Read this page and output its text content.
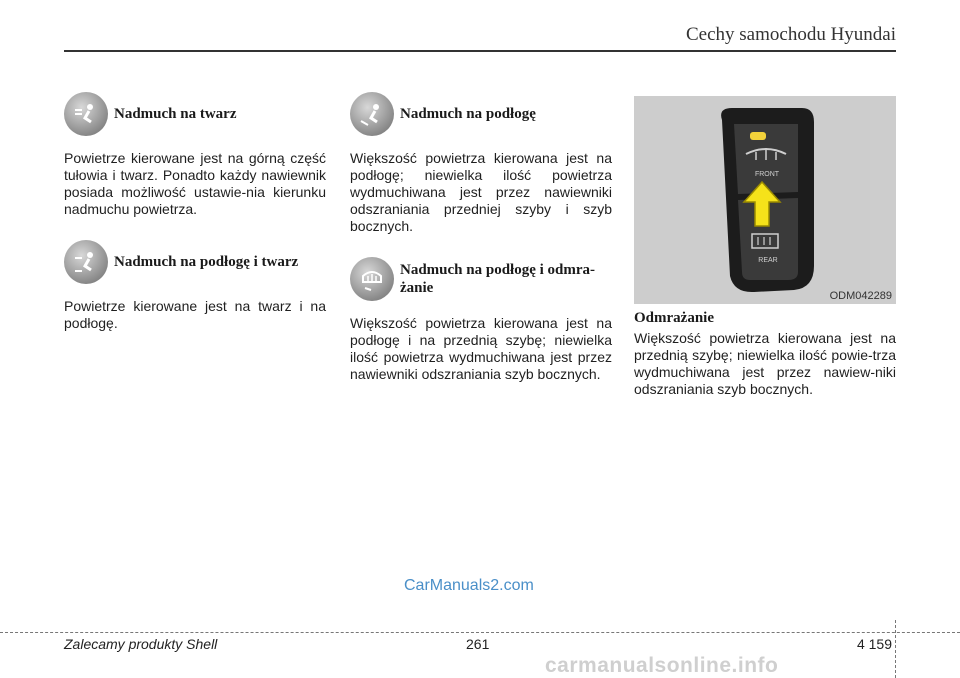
Cechy samochodu Hyundai
Nadmuch na twarz
Powietrze kierowane jest na górną część tułowia i twarz. Ponadto każdy nawiewnik posiada możliwość ustawie-nia kierunku nadmuchu powietrza.
Nadmuch na podłogę i twarz
Powietrze kierowane jest na twarz i na podłogę.
Nadmuch na podłogę
Większość powietrza kierowana jest na podłogę; niewielka ilość powietrza wydmuchiwana jest przez nawiewniki odszraniania przedniej szyby i szyb bocznych.
Nadmuch na podłogę i odmra-
żanie
Większość powietrza kierowana jest na podłogę i na przednią szybę; niewielka ilość powietrza wydmuchiwana jest przez nawiewniki odszraniania szyb bocznych.
FRONT
REAR
ODM042289
Odmrażanie
Większość powietrza kierowana jest na przednią szybę; niewielka ilość powie-trza wydmuchiwana jest przez nawiew-niki odszraniania szyb bocznych.
CarManuals2.com
Zalecamy produkty Shell	261	4 159
carmanualsonline.info
